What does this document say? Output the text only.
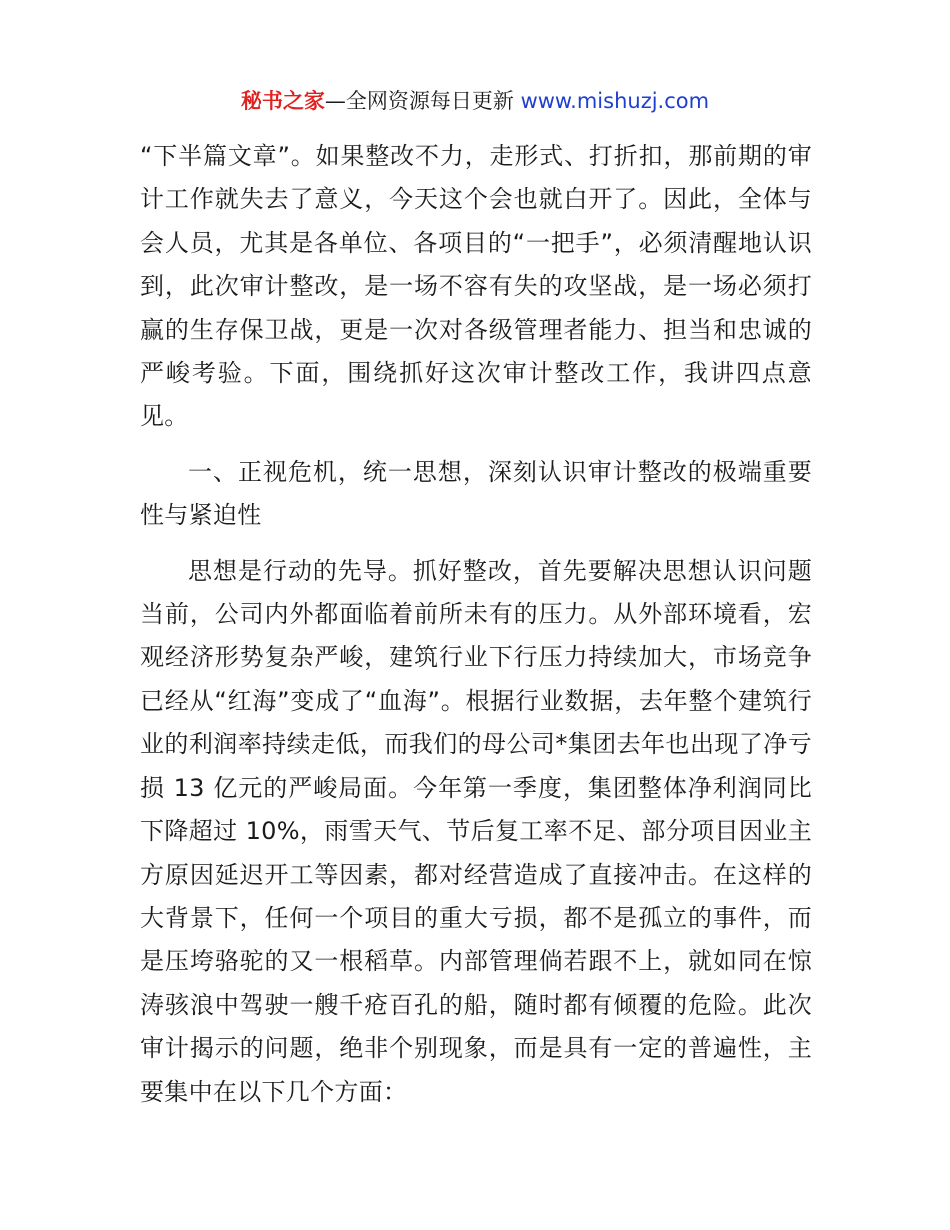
秘书之家—全网资源每日更新 www.mishuzj.com

“下半篇文章”。如果整改不力，走形式、打折扣，那前期的审计工作就失去了意义，今天这个会也就白开了。因此，全体与会人员，尤其是各单位、各项目的“一把手”，必须清醒地认识到，此次审计整改，是一场不容有失的攻坚战，是一场必须打赢的生存保卫战，更是一次对各级管理者能力、担当和忠诚的严峻考验。下面，围绕抓好这次审计整改工作，我讲四点意见。

一、正视危机，统一思想，深刻认识审计整改的极端重要性与紧迫性

思想是行动的先导。抓好整改，首先要解决思想认识问题当前，公司内外都面临着前所未有的压力。从外部环境看，宏观经济形势复杂严峻，建筑行业下行压力持续加大，市场竞争已经从“红海”变成了“血海”。根据行业数据，去年整个建筑行业的利润率持续走低，而我们的母公司*集团去年也出现了净亏损 13 亿元的严峻局面。今年第一季度，集团整体净利润同比下降超过 10%，雨雪天气、节后复工率不足、部分项目因业主方原因延迟开工等因素，都对经营造成了直接冲击。在这样的大背景下，任何一个项目的重大亏损，都不是孤立的事件，而是压垮骆驼的又一根稻草。内部管理倘若跟不上，就如同在惊涛骇浪中驾驶一艘千疮百孔的船，随时都有倾覆的危险。此次审计揭示的问题，绝非个别现象，而是具有一定的普遍性，主要集中在以下几个方面：
